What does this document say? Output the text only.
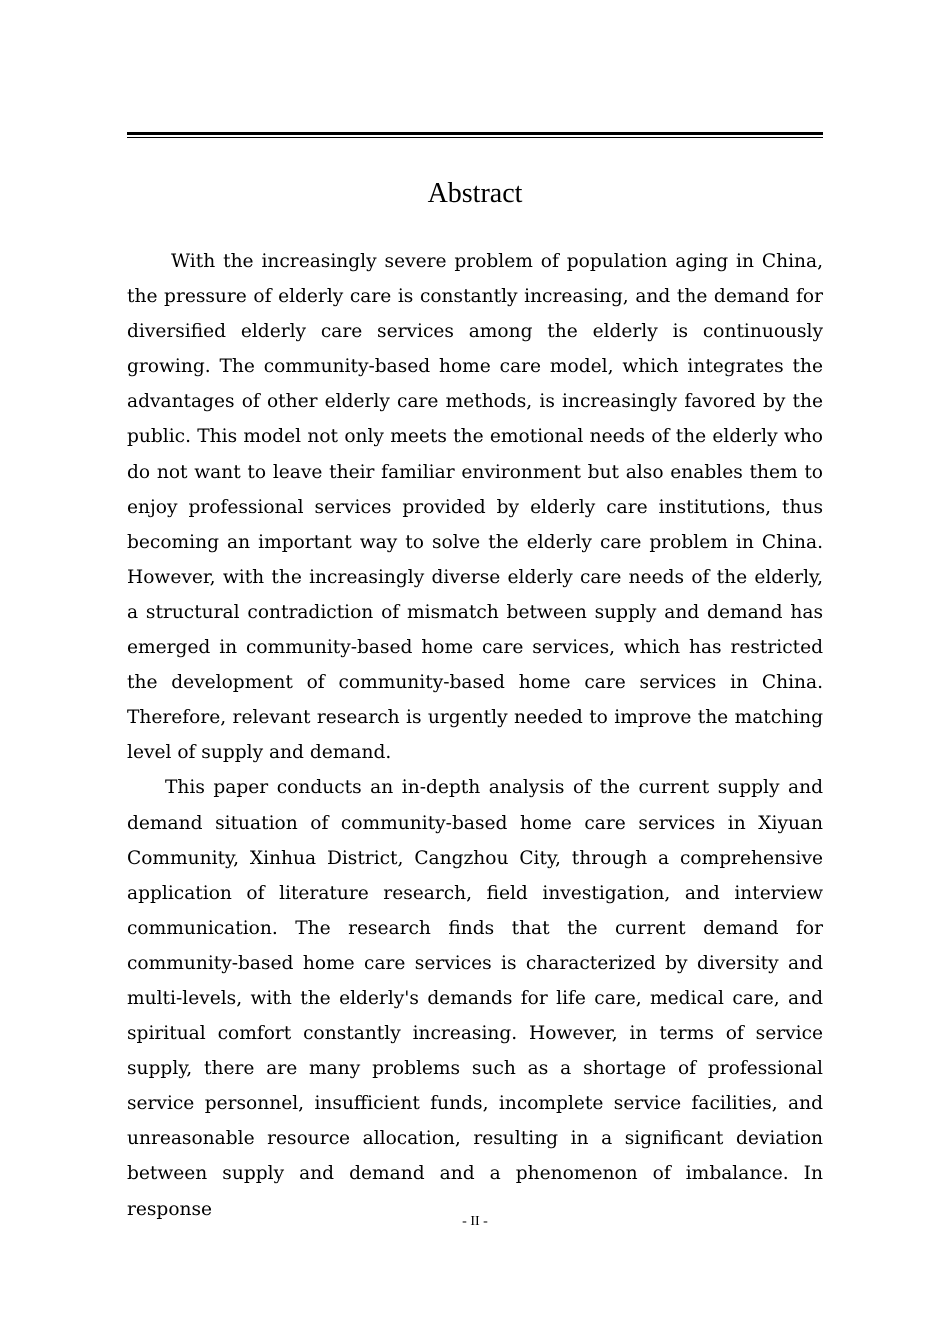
Abstract

With the increasingly severe problem of population aging in China, the pressure of elderly care is constantly increasing, and the demand for diversified elderly care services among the elderly is continuously growing. The community-based home care model, which integrates the advantages of other elderly care methods, is increasingly favored by the public. This model not only meets the emotional needs of the elderly who do not want to leave their familiar environment but also enables them to enjoy professional services provided by elderly care institutions, thus becoming an important way to solve the elderly care problem in China. However, with the increasingly diverse elderly care needs of the elderly, a structural contradiction of mismatch between supply and demand has emerged in community-based home care services, which has restricted the development of community-based home care services in China. Therefore, relevant research is urgently needed to improve the matching level of supply and demand.

This paper conducts an in-depth analysis of the current supply and demand situation of community-based home care services in Xiyuan Community, Xinhua District, Cangzhou City, through a comprehensive application of literature research, field investigation, and interview communication. The research finds that the current demand for community-based home care services is characterized by diversity and multi-levels, with the elderly's demands for life care, medical care, and spiritual comfort constantly increasing. However, in terms of service supply, there are many problems such as a shortage of professional service personnel, insufficient funds, incomplete service facilities, and unreasonable resource allocation, resulting in a significant deviation between supply and demand and a phenomenon of imbalance. In response

- II -
